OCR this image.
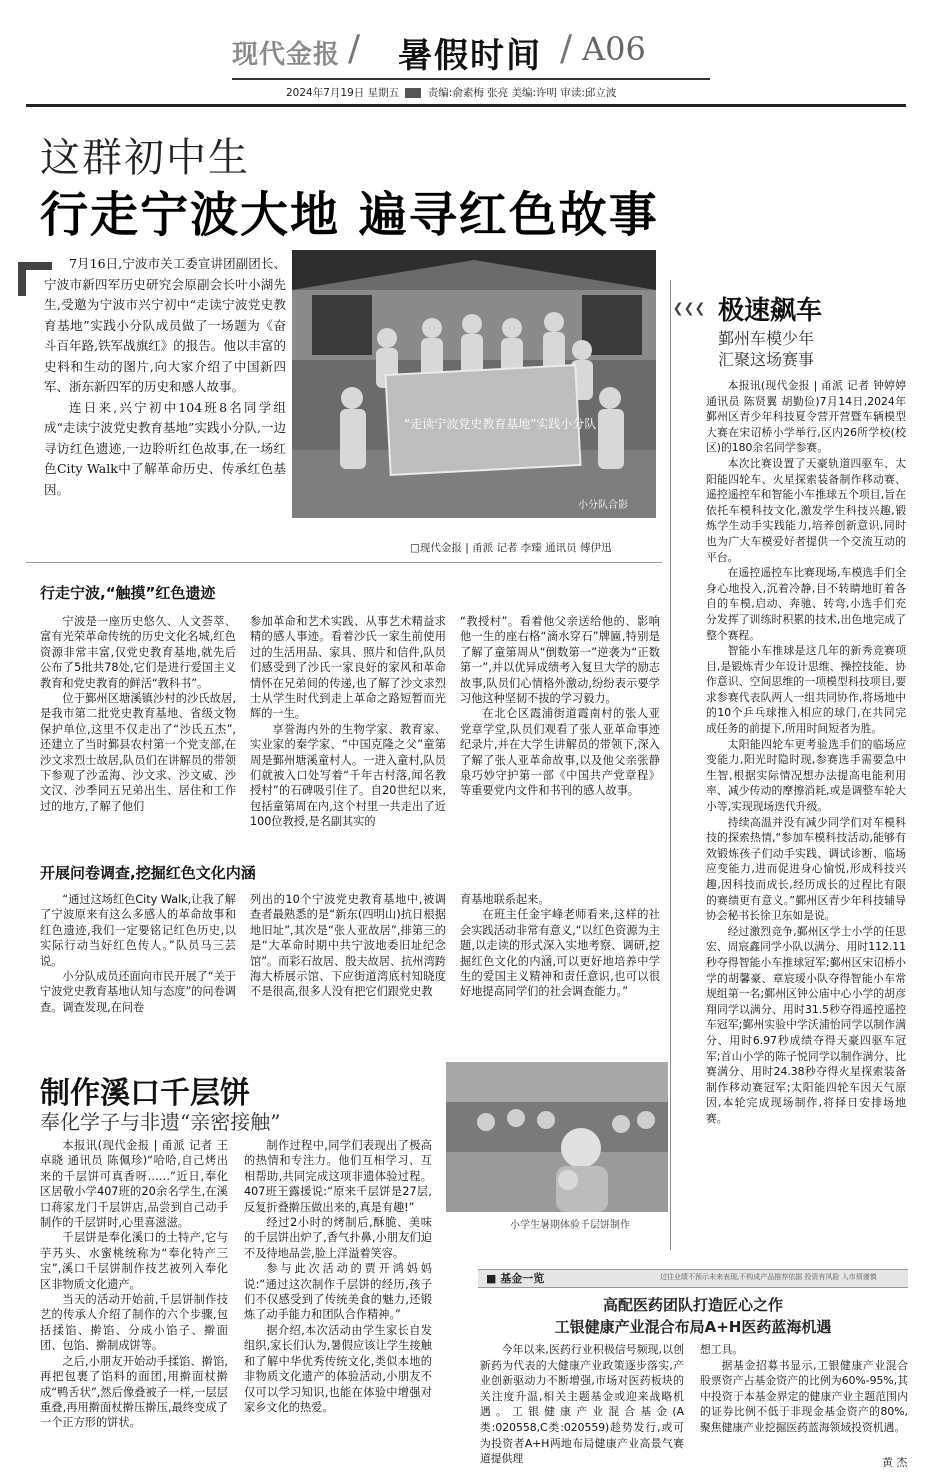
现代金报 / 暑假时间 / A06
2024年7月19日 星期五	责编:俞素梅 张亮 美编:许明 审读:邱立波
这群初中生
行走宁波大地 遍寻红色故事

7月16日,宁波市关工委宣讲团副团长、宁波市新四军历史研究会原副会长叶小湖先生,受邀为宁波市兴宁初中“走读宁波党史教育基地”实践小分队成员做了一场题为《奋斗百年路,铁军战旗红》的报告。他以丰富的史料和生动的图片,向大家介绍了中国新四军、浙东新四军的历史和感人故事。

连日来,兴宁初中104班8名同学组成“走读宁波党史教育基地”实践小分队,一边寻访红色遗迹,一边聆听红色故事,在一场红色City Walk中了解革命历史、传承红色基因。

“走读宁波党史教育基地”实践小分队
小分队合影
□现代金报 | 甬派 记者 李臻 通讯员 傅伊迅
行走宁波,“触摸”红色遗迹

宁波是一座历史悠久、人文荟萃、富有光荣革命传统的历史文化名城,红色资源非常丰富,仅党史教育基地,就先后公布了5批共78处,它们是进行爱国主义教育和党史教育的鲜活“教科书”。

位于鄞州区塘溪镇沙村的沙氏故居,是我市第二批党史教育基地、省级文物保护单位,这里不仅走出了“沙氏五杰”,还建立了当时鄞县农村第一个党支部,在沙文求烈士故居,队员们在讲解员的带领下参观了沙孟海、沙文求、沙文威、沙文汉、沙季同五兄弟出生、居住和工作过的地方,了解了他们

参加革命和艺术实践、从事艺术精益求精的感人事迹。看着沙氏一家生前使用过的生活用品、家具、照片和信件,队员们感受到了沙氏一家良好的家风和革命情怀在兄弟间的传递,也了解了沙文求烈士从学生时代到走上革命之路短暂而光辉的一生。

享誉海内外的生物学家、教育家、实业家的秦学家、“中国克隆之父”童第周是鄞州塘溪童村人。一进入童村,队员们就被入口处写着“千年古村落,闻名教授村”的石碑吸引住了。自20世纪以来,包括童第周在内,这个村里一共走出了近100位教授,是名副其实的

“教授村”。看着他父亲送给他的、影响他一生的座右格“滴水穿石”牌匾,特别是了解了童第周从“倒数第一”逆袭为“正数第一”,并以优异成绩考入复旦大学的励志故事,队员们心情格外激动,纷纷表示要学习他这种坚韧不拔的学习毅力。

在北仑区霞浦街道霞南村的张人亚党章学堂,队员们观看了张人亚革命事迹纪录片,并在大学生讲解员的带领下,深入了解了张人亚革命故事,以及他父亲张静泉巧妙守护第一部《中国共产党章程》等重要党内文件和书刊的感人故事。

开展问卷调查,挖掘红色文化内涵

“通过这场红色City Walk,让我了解了宁波原来有这么多感人的革命故事和红色遗迹,我们一定要铭记红色历史,以实际行动当好红色传人。”队员马三芸说。

小分队成员还面向市民开展了“关于宁波党史教育基地认知与态度”的问卷调查。调查发现,在问卷

列出的10个宁波党史教育基地中,被调查者最熟悉的是“新东(四明山)抗日根据地旧址”,其次是“张人亚故居”,排第三的是“大革命时期中共宁波地委旧址纪念馆”。而彩石故居、殷夫故居、抗州湾跨海大桥展示馆、下应街道湾底村知晓度不是很高,很多人没有把它们跟党史教

育基地联系起来。

在班主任金宇峰老师看来,这样的社会实践活动非常有意义,“以红色资源为主题,以走读的形式深入实地考察、调研,挖掘红色文化的内涵,可以更好地培养中学生的爱国主义精神和责任意识,也可以很好地提高同学们的社会调查能力。”

❯❯❯ 极速飙车
鄞州车模少年
汇聚这场赛事

本报讯(现代金报 | 甬派 记者 钟婷婷 通讯员 陈贤翼 胡勤俭)7月14日,2024年鄞州区青少年科技夏令营开营暨车辆模型大赛在宋诏桥小学举行,区内26所学校(校区)的180余名同学参赛。

本次比赛设置了天豪轨道四驱车、太阳能四轮车、火星探索装备制作移动赛、遥控遥控车和智能小车推球五个项目,旨在依托车模科技文化,激发学生科技兴趣,锻炼学生动手实践能力,培养创新意识,同时也为广大车模爱好者提供一个交流互动的平台。

在遥控遥控车比赛现场,车模选手们全身心地投入,沉着冷静,目不转睛地盯着各自的车模,启动、奔驰、转弯,小选手们充分发挥了训练时积累的技术,出色地完成了整个赛程。

智能小车推球是这几年的新秀竞赛项目,是锻炼青少年设计思维、操控技能、协作意识、空间思维的一项模型科技项目,要求参赛代表队两人一组共同协作,将场地中的10个乒乓球推入相应的球门,在共同完成任务的前提下,所用时间短者为胜。

太阳能四轮车更考验选手们的临场应变能力,阳光时隐时现,参赛选手需要急中生智,根据实际情况想办法提高电能利用率、减少传动的摩擦消耗,或是调整车轮大小等,实现现场迭代升级。

持续高温并没有减少同学们对车模科技的探索热情,“参加车模科技活动,能够有效锻炼孩子们动手实践、调试诊断、临场应变能力,进而促进身心愉悦,形成科技兴趣,因科技而成长,经历成长的过程比有限的赛绩更有意义。”鄞州区青少年科技辅导协会秘书长徐卫东如是说。

经过激烈竞争,鄞州区学士小学的任思宏、周宸鑫同学小队以满分、用时112.11秒夺得智能小车推球冠军;鄞州区宋诏桥小学的胡馨豪、章宸瑷小队夺得智能小车常规组第一名;鄞州区钟公庙中心小学的胡彦翔同学以满分、用时31.5秒夺得遥控遥控车冠军;鄞州实验中学沃浦怡同学以制作满分、用时6.97秒成绩夺得天豪四驱车冠军;首山小学的陈子悦同学以制作满分、比赛满分、用时24.38秒夺得火星探索装备制作移动赛冠军;太阳能四轮车因天气原因,本轮完成现场制作,将择日安排场地赛。

制作溪口千层饼
奉化学子与非遗“亲密接触”
小学生暑期体验千层饼制作

本报讯(现代金报 | 甬派 记者 王卓晓 通讯员 陈佩珍)“哈哈,自己烤出来的千层饼可真香呀……”近日,奉化区居敬小学407班的20余名学生,在溪口蒋家龙门千层饼店,品尝到自己动手制作的千层饼时,心里喜滋滋。

千层饼是奉化溪口的土特产,它与芋艿头、水蜜桃统称为“奉化特产三宝”,溪口千层饼制作技艺被列入奉化区非物质文化遗产。

当天的活动开始前,千层饼制作技艺的传承人介绍了制作的六个步骤,包括揉馅、擀馅、分成小馅子、擀面团、包馅、擀制成饼等。

之后,小朋友开始动手揉馅、擀馅,再把包裹了馅料的面团,用擀面杖擀成“鸭舌状”,然后像叠被子一样,一层层重叠,再用擀面杖擀压擀压,最终变成了一个正方形的饼状。

制作过程中,同学们表现出了极高的热情和专注力。他们互相学习、互相帮助,共同完成这项非遗体验过程。407班王露援说:“原来千层饼是27层,反复折叠擀压做出来的,真是有趣!”

经过2小时的烤制后,酥脆、美味的千层饼出炉了,香气扑鼻,小朋友们迫不及待地品尝,脸上洋溢着笑容。

参与此次活动的贾开鸿妈妈说:“通过这次制作千层饼的经历,孩子们不仅感受到了传统美食的魅力,还锻炼了动手能力和团队合作精神。”

据介绍,本次活动由学生家长自发组织,家长们认为,暑假应该让学生接触和了解中华优秀传统文化,类似本地的非物质文化遗产的体验活动,小朋友不仅可以学习知识,也能在体验中增强对家乡文化的热爱。

■ 基金一览	过往业绩不预示未来表现,不构成产品推荐依据 投资有风险 入市须谨慎
高配医药团队打造匠心之作
工银健康产业混合布局A+H医药蓝海机遇

今年以来,医药行业积极信号频现,以创新药为代表的大健康产业政策逐步落实,产业创新驱动力不断增强,市场对医药板块的关注度升温,相关主题基金或迎来战略机遇。工银健康产业混合基金(A类:020558,C类:020559)趁势发行,或可为投资者A+H两地布局健康产业高景气赛道提供理

想工具。

据基金招募书显示,工银健康产业混合股票资产占基金资产的比例为60%-95%,其中投资于本基金界定的健康产业主题范围内的证券比例不低于非现金基金资产的80%,聚焦健康产业挖掘医药蓝海领域投资机遇。

黄 杰
